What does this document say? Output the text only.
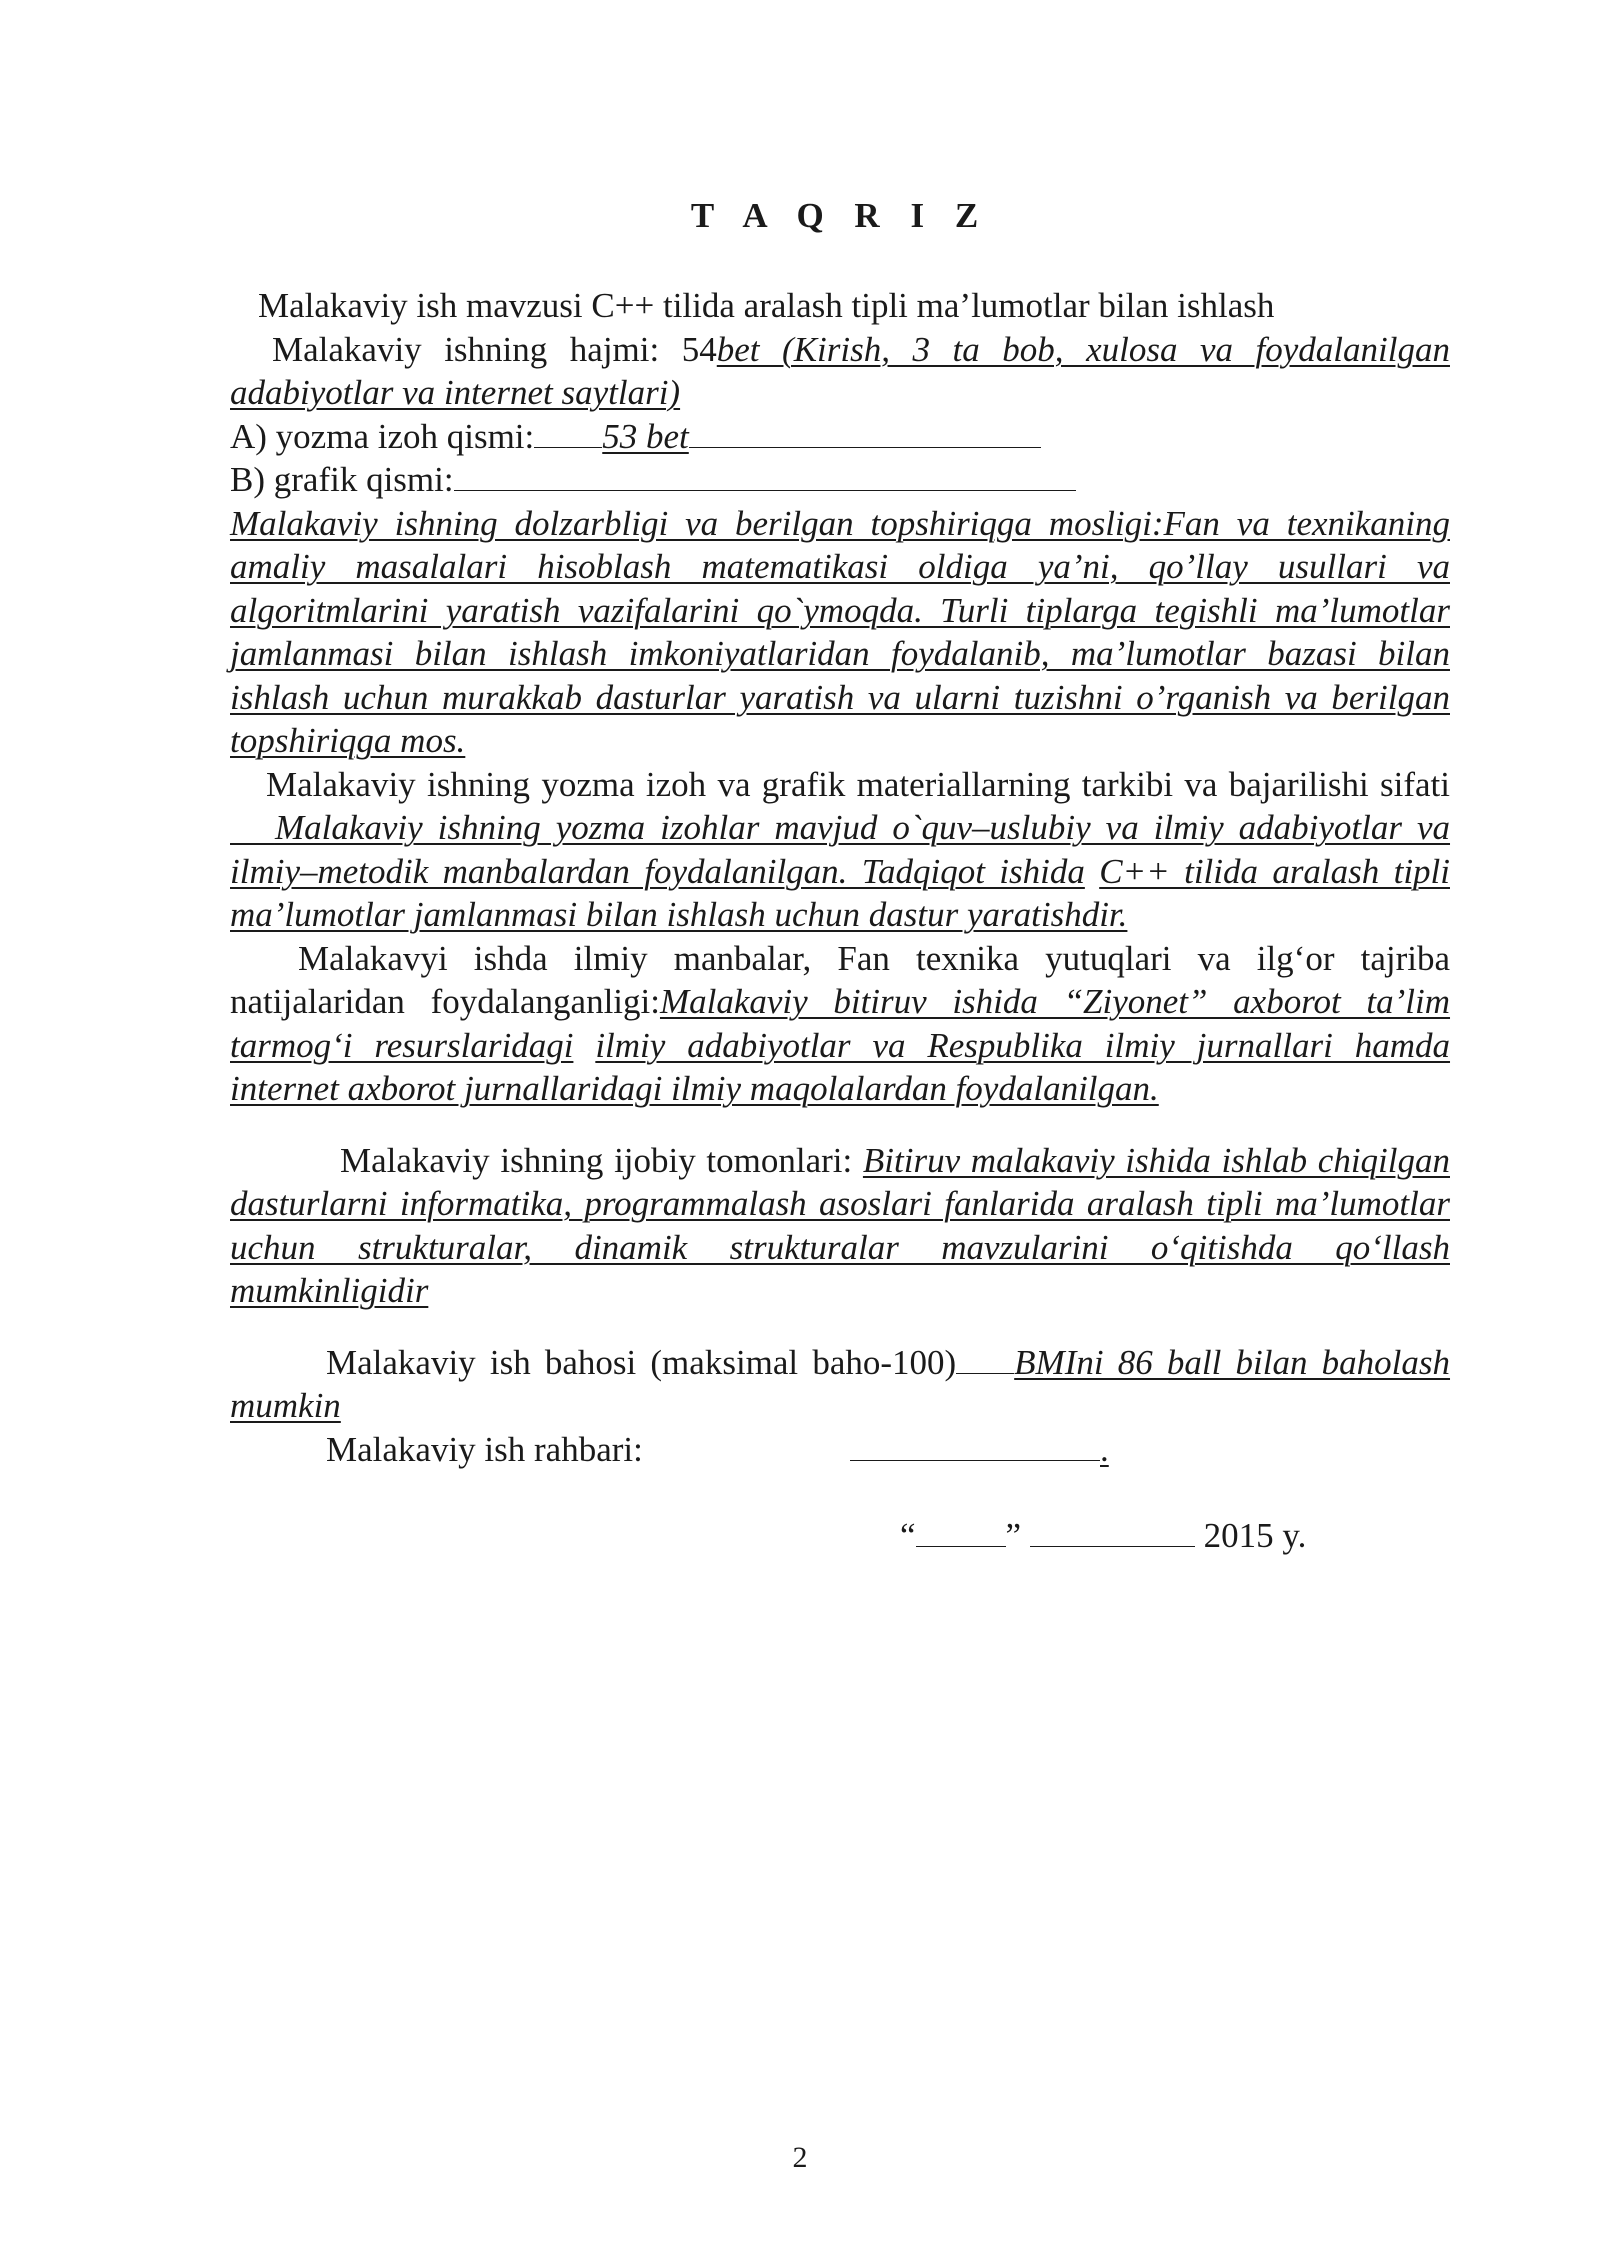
T A Q R I Z

Malakaviy ish mavzusi C++ tilida aralash tipli ma’lumotlar bilan ishlash

Malakaviy ishning hajmi: 54bet (Kirish, 3 ta bob, xulosa va foydalanilgan adabiyotlar va internet saytlari)

A) yozma izoh qismi: 53 bet

B) grafik qismi:

Malakaviy ishning dolzarbligi va berilgan topshiriqga mosligi:Fan va texnikaning amaliy masalalari hisoblash matematikasi oldiga ya’ni, qo’llay usullari va algoritmlarini yaratish vazifalarini qo`ymoqda. Turli tiplarga tegishli ma’lumotlar jamlanmasi bilan ishlash imkoniyatlaridan foydalanib, ma’lumotlar bazasi bilan ishlash uchun murakkab dasturlar yaratish va ularni tuzishni o’rganish va berilgan topshiriqga mos.

Malakaviy ishning yozma izoh va grafik materiallarning tarkibi va bajarilishi sifati    Malakaviy ishning yozma izohlar mavjud o`quv–uslubiy va ilmiy adabiyotlar va ilmiy–metodik manbalardan foydalanilgan. Tadqiqot ishida C++ tilida aralash tipli ma’lumotlar jamlanmasi bilan ishlash uchun dastur yaratishdir.

Malakavyi ishda ilmiy manbalar, Fan texnika yutuqlari va ilg‘or tajriba natijalaridan foydalanganligi:Malakaviy bitiruv ishida “Ziyonet” axborot ta’lim tarmog‘i resurslaridagi ilmiy adabiyotlar va Respublika ilmiy jurnallari hamda internet axborot jurnallaridagi ilmiy maqolalardan foydalanilgan.

Malakaviy ishning ijobiy tomonlari: Bitiruv malakaviy ishida ishlab chiqilgan dasturlarni informatika, programmalash asoslari fanlarida aralash tipli ma’lumotlar uchun strukturalar, dinamik strukturalar mavzularini o‘qitishda qo‘llash mumkinligidir

Malakaviy ish bahosi (maksimal baho-100) BMIni 86 ball bilan baholash mumkin

Malakaviy ish rahbari:	.
“	”	2015 y.
2
